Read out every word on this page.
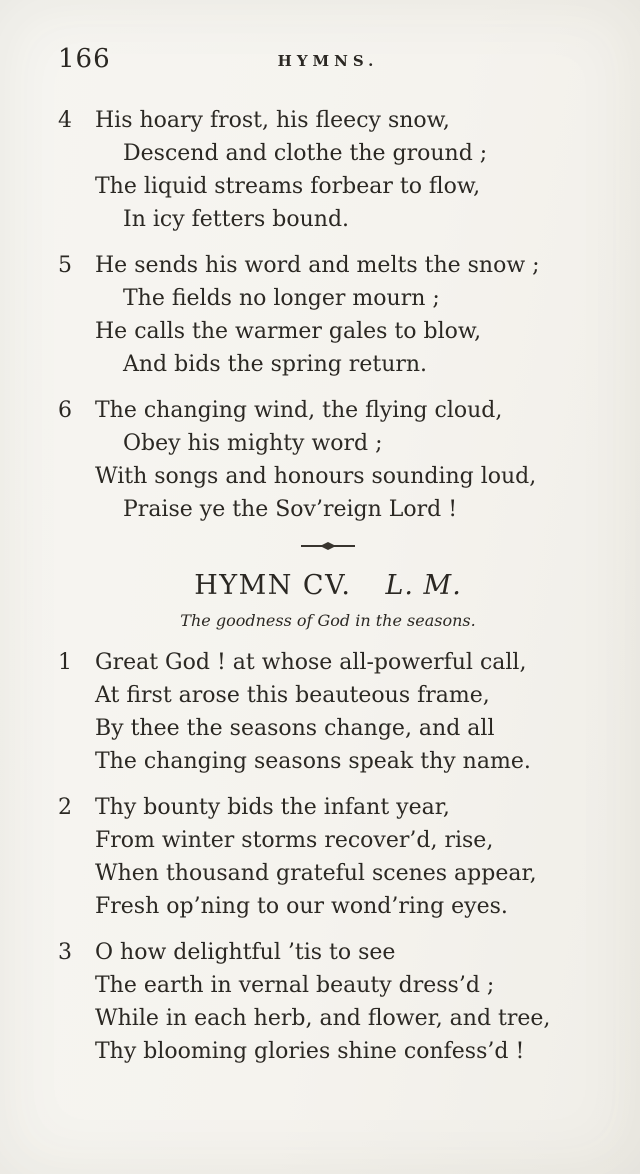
166	HYMNS.
4	His hoary frost, his fleecy snow,
Descend and clothe the ground ;
The liquid streams forbear to flow,
In icy fetters bound.
5	He sends his word and melts the snow ;
The fields no longer mourn ;
He calls the warmer gales to blow,
And bids the spring return.
6	The changing wind, the flying cloud,
Obey his mighty word ;
With songs and honours sounding loud,
Praise ye the Sov’reign Lord !
HYMN CV. L. M.

The goodness of God in the seasons.

1	Great God ! at whose all-powerful call,
At first arose this beauteous frame,
By thee the seasons change, and all
The changing seasons speak thy name.
2	Thy bounty bids the infant year,
From winter storms recover’d, rise,
When thousand grateful scenes appear,
Fresh op’ning to our wond’ring eyes.
3	O how delightful ’tis to see
The earth in vernal beauty dress’d ;
While in each herb, and flower, and tree,
Thy blooming glories shine confess’d !
